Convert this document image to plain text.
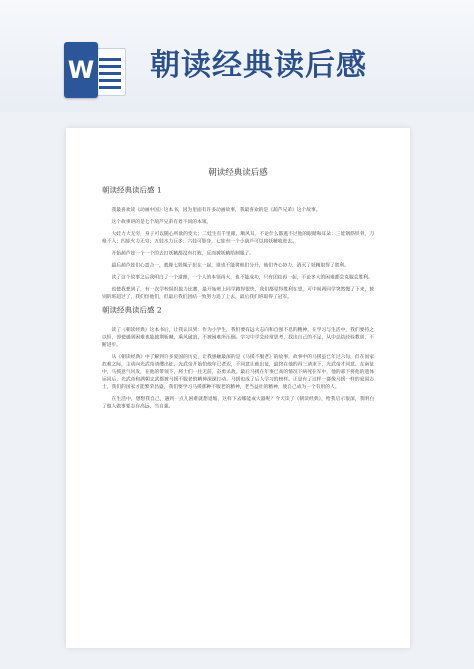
W 朝读经典读后感
朝读经典读后感
朝读经典读后感 1

我最喜欢读《动画中国》这本书，因为里面有许多动画故事，我最喜欢的是《葫芦兄弟》这个故事。

这个故事讲的是七个葫芦兄弟有着不同的本领。

大娃力大无穷，身子可以随心所欲的变大；二娃生有千里眼、顺风耳，不论什么都逃不过他的眼睛和耳朵；三娃钢筋铁骨，刀枪不入；四娃火力无穷；五娃水力巨多；六娃可影身，七娃有一个小葫芦可以将妖精收进去。

开始葫芦娃一个一个的去打妖精都没有打败，反而被妖精给制服了。

最后葫芦娃们心意合一，就像七股绳子扭在一起，谁也不能将他们分开，他们齐心协力，消灭了妖精取得了胜利。

读了这个故事之后我明白了一个道理，一个人的本领再大，也不能成功，只有团结再一起，不论多大的困难都会克服会胜利。

也使我想到了，有一次学校组织拔力比赛，最开始班上同学跑得很快，我们都觉得胜利在望，可中间两同学突然慢了下来，被别的班超过了，我们怪他们，但最后我们团结一致努力追了上去，最后我们班取得了冠军。

朝读经典读后感 2

读了《朝读经典》这本书后，让我认识到：作为小学生，我们要有远大志向和自强不息的精神，在学习与生活中，我们要持之以恒，即使遇到困难也能披荆斩棘，乘风破浪，不被困难所压倒。学习中学会经常思考，找出自己的不足，从中总结经验教训，不断进步。

从《朝读经典》中了解到许多爱国的历史，让我感触最深的是《马援不服老》的故事，故事中的马援虽已年过六旬，但在国家危难之际，主动向光武帝请缨出征，光武帝开始怕他年已老迈，不同意让他出征，最终在他的再三请求下，光武帝才同意。在南征中，马援意气风发，在他的带领下，将士们一往无前，奋勇杀敌，最后马援在年事已高的情况下病死在军中，他的部下将他的遗体运回后，光武帝和满朝文武都被马援不服老的精神深深打动。马援也成了后人学习的榜样。正是有了这样一群像马援一样的爱国志士，我们的国家才能繁荣昌盛，我们要学习马援那种不服老的精神，老当益壮的精神，使自己成为一个有用的人。

在生活中，想想我自己，遇到一点儿困难就想退缩，这样下去哪能成大器呢？今天读了《朝读经典》，给我启示很深，我明白了做人做事要志存高远，当自强。
